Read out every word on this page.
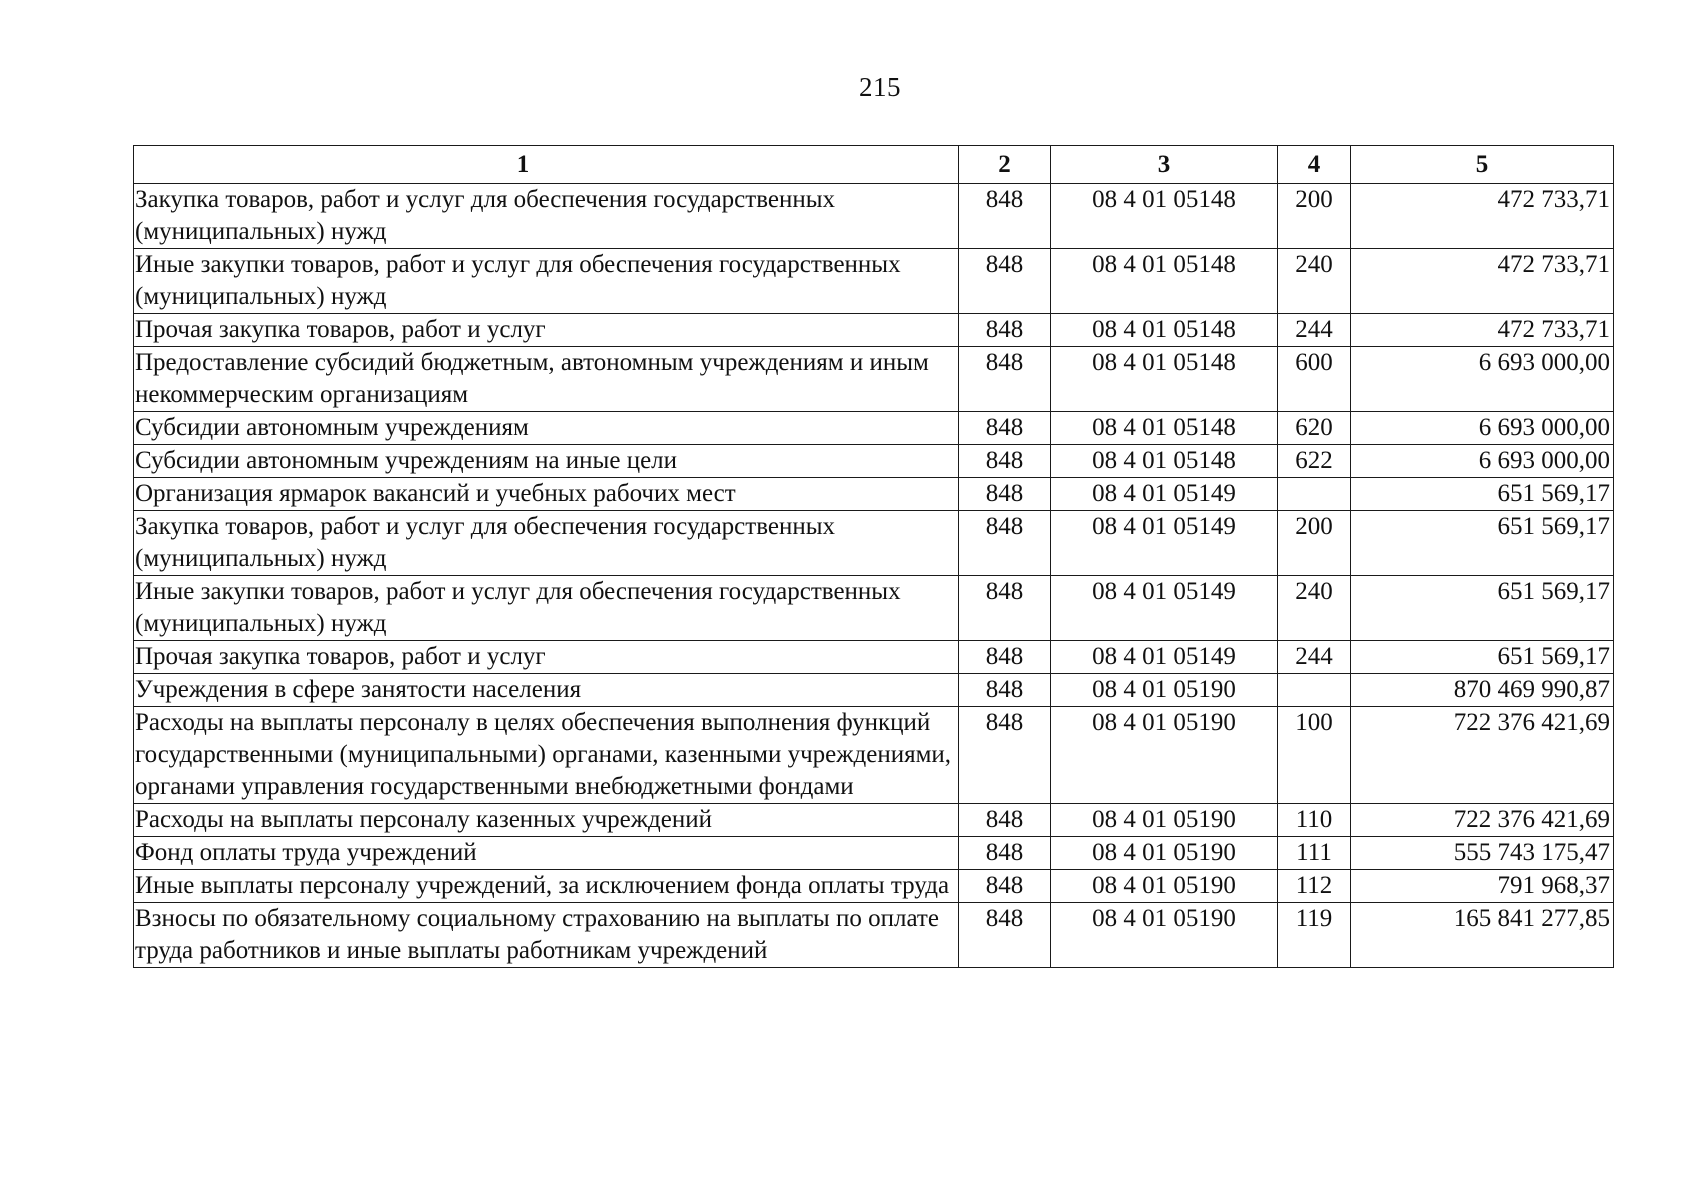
215
1	2	3	4	5
Закупка товаров, работ и услуг для обеспечения государственных (муниципальных) нужд	848	08 4 01 05148	200	472 733,71
Иные закупки товаров, работ и услуг для обеспечения государственных (муниципальных) нужд	848	08 4 01 05148	240	472 733,71
Прочая закупка товаров, работ и услуг	848	08 4 01 05148	244	472 733,71
Предоставление субсидий бюджетным, автономным учреждениям и иным некоммерческим организациям	848	08 4 01 05148	600	6 693 000,00
Субсидии автономным учреждениям	848	08 4 01 05148	620	6 693 000,00
Субсидии автономным учреждениям на иные цели	848	08 4 01 05148	622	6 693 000,00
Организация ярмарок вакансий и учебных рабочих мест	848	08 4 01 05149		651 569,17
Закупка товаров, работ и услуг для обеспечения государственных (муниципальных) нужд	848	08 4 01 05149	200	651 569,17
Иные закупки товаров, работ и услуг для обеспечения государственных (муниципальных) нужд	848	08 4 01 05149	240	651 569,17
Прочая закупка товаров, работ и услуг	848	08 4 01 05149	244	651 569,17
Учреждения в сфере занятости населения	848	08 4 01 05190		870 469 990,87
Расходы на выплаты персоналу в целях обеспечения выполнения функций государственными (муниципальными) органами, казенными учреждениями, органами управления государственными внебюджетными фондами	848	08 4 01 05190	100	722 376 421,69
Расходы на выплаты персоналу казенных учреждений	848	08 4 01 05190	110	722 376 421,69
Фонд оплаты труда учреждений	848	08 4 01 05190	111	555 743 175,47
Иные выплаты персоналу учреждений, за исключением фонда оплаты труда	848	08 4 01 05190	112	791 968,37
Взносы по обязательному социальному страхованию на выплаты по оплате труда работников и иные выплаты работникам учреждений	848	08 4 01 05190	119	165 841 277,85
